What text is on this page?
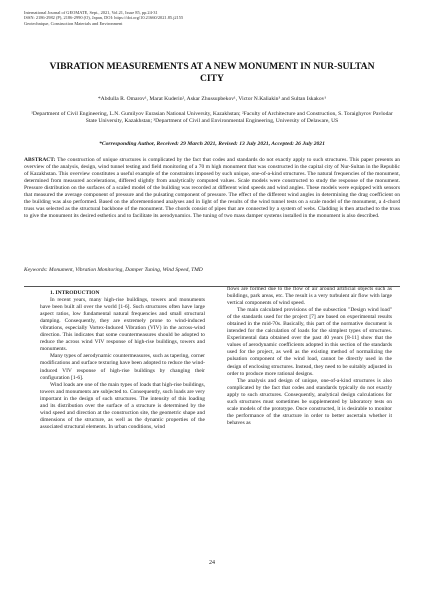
International Journal of GEOMATE, Sept., 2021, Vol.21, Issue 85, pp.24-31
ISSN: 2186-2982 (P), 2186-2990 (O), Japan, DOI: https://doi.org/10.21660/2021.85.j2155
Geotechnique, Construction Materials and Environment
VIBRATION MEASUREMENTS AT A NEW MONUMENT IN NUR-SULTAN CITY
*Abdulla R. Omarov¹, Marat Kuderin², Askar Zhussupbekov¹, Victor N.Kaliakin³ and Sultan Iskakov¹
¹Department of Civil Engineering, L.N. Gumilyov Eurasian National University, Kazakhstan; ²Faculty of Architecture and Construction, S. Toraighyrov Pavlodar State University, Kazakhstan; ³Department of Civil and Environmental Engineering, University of Delaware, US
*Corresponding Author, Received: 29 March 2021, Revised: 13 July 2021, Accepted: 26 July 2021
ABSTRACT: The construction of unique structures is complicated by the fact that codes and standards do not exactly apply to such structures. This paper presents an overview of the analysis, design, wind tunnel testing and field monitoring of a 70 m high monument that was constructed in the capital city of Nur-Sultan in the Republic of Kazakhstan. This overview constitutes a useful example of the constraints imposed by such unique, one-of-a-kind structures. The natural frequencies of the monument, determined from measured accelerations, differed slightly from analytically computed values. Scale models were constructed to study the response of the monument. Pressure distribution on the surfaces of a scaled model of the building was recorded at different wind speeds and wind angles. These models were equipped with sensors that measured the average component of pressure and the pulsating component of pressure. The effect of the different wind angles in determining the drag coefficient on the building was also performed. Based on the aforementioned analyses and in light of the results of the wind tunnel tests on a scale model of the monument, a 4-chord truss was selected as the structural backbone of the monument. The chords consist of pipes that are connected by a system of webs. Cladding is then attached to the truss to give the monument its desired esthetics and to facilitate its aerodynamics. The tuning of two mass damper systems installed in the monument is also described.
Keywords: Monument, Vibration Monitoring, Damper Tuning, Wind Speed, TMD

1. INTRODUCTION

In recent years, many high-rise buildings, towers and monuments have been built all over the world [1-6]. Such structures often have large aspect ratios, low fundamental natural frequencies and small structural damping. Consequently, they are extremely prone to wind-induced vibrations, especially Vortex-Induced Vibration (VIV) in the across-wind direction. This indicates that some countermeasures should be adopted to reduce the across wind VIV response of high-rise buildings, towers and monuments.

Many types of aerodynamic countermeasures, such as tapering, corner modifications and surface texturing have been adopted to reduce the wind-induced VIV response of high-rise buildings by changing their configuration [1-6].

Wind loads are one of the main types of loads that high-rise buildings, towers and monuments are subjected to. Consequently, such loads are very important in the design of such structures. The intensity of this loading and its distribution over the surface of a structure is determined by the wind speed and direction at the construction site, the geometric shape and dimensions of the structure, as well as the dynamic properties of the associated structural elements. In urban conditions, wind

flows are formed due to the flow of air around artificial objects such as buildings, park areas, etc. The result is a very turbulent air flow with large vertical components of wind speed.

The main calculated provisions of the subsection "Design wind load" of the standards used for the project [7] are based on experimental results obtained in the mid-70s. Basically, this part of the normative document is intended for the calculation of loads for the simplest types of structures. Experimental data obtained over the past 40 years [8-11] show that the values of aerodynamic coefficients adopted in this section of the standards used for the project, as well as the existing method of normalizing the pulsation component of the wind load, cannot be directly used in the design of enclosing structures. Instead, they need to be suitably adjusted in order to produce more rational designs.

The analysis and design of unique, one-of-a-kind structures is also complicated by the fact that codes and standards typically do not exactly apply to such structures. Consequently, analytical design calculations for such structures must sometimes be supplemented by laboratory tests on scale models of the prototype. Once constructed, it is desirable to monitor the performance of the structure in order to better ascertain whether it behaves as

24
